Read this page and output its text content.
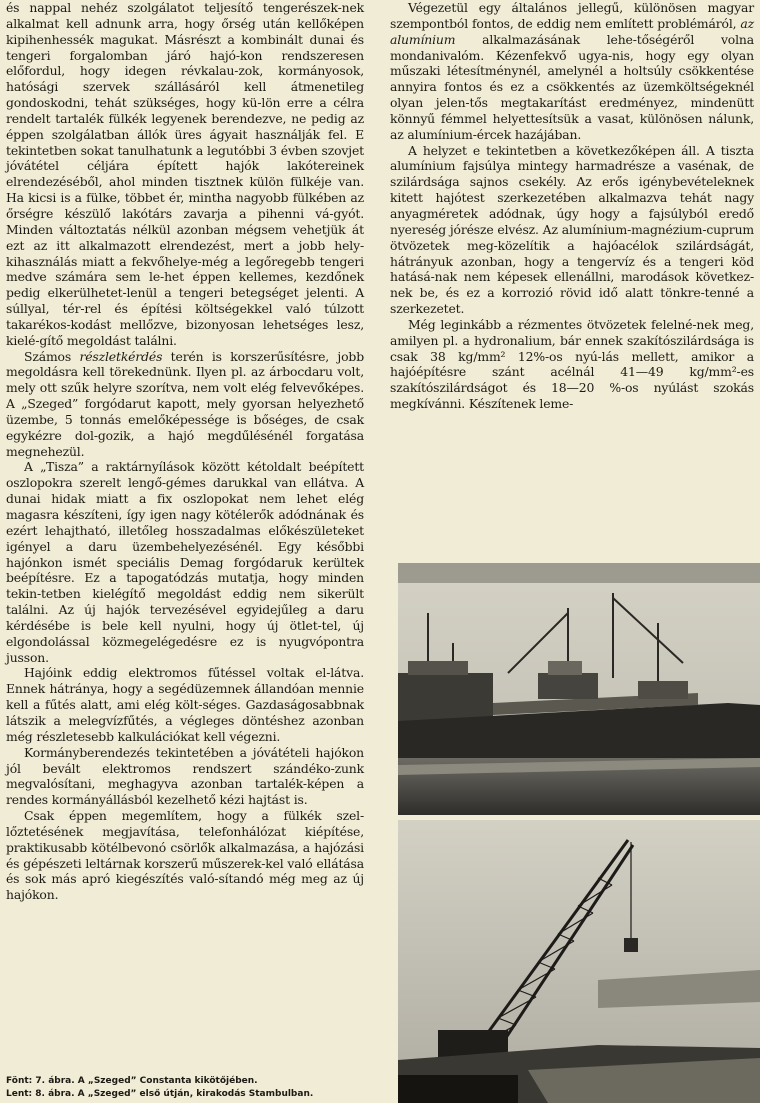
és nappal nehéz szolgálatot teljesítő tengerészek-nek alkalmat kell adnunk arra, hogy őrség után kellőképen kipihenhessék magukat. Másrészt a kombinált dunai és tengeri forgalomban járó hajó-kon rendszeresen előfordul, hogy idegen révkalau-zok, kormányosok, hatósági szervek szállásáról kell átmenetileg gondoskodni, tehát szükséges, hogy kü-lön erre a célra rendelt tartalék fülkék legyenek berendezve, ne pedig az éppen szolgálatban állók üres ágyait használják fel. E tekintetben sokat tanulhatunk a legutóbbi 3 évben szovjet jóvátétel céljára épített hajók lakótereinek elrendezéséből, ahol minden tisztnek külön fülkéje van. Ha kicsi is a fülke, többet ér, mintha nagyobb fülkében az őrségre készülő lakótárs zavarja a pihenni vá-gyót. Minden változtatás nélkül azonban mégsem vehetjük át ezt az itt alkalmazott elrendezést, mert a jobb hely-kihasználás miatt a fekvőhelye-még a legőregebb tengeri medve számára sem le-het éppen kellemes, kezdőnek pedig elkerülhetet-lenül a tengeri betegséget jelenti. A súllyal, tér-rel és építési költségekkel való túlzott takarékos-kodást mellőzve, bizonyosan lehetséges lesz, kielé-gítő megoldást találni.

Számos részletkérdés terén is korszerűsítésre, jobb megoldásra kell törekednünk. Ilyen pl. az árbocdaru volt, mely ott szűk helyre szorítva, nem volt elég felvevőképes. A „Szeged” forgódarut kapott, mely gyorsan helyezhető üzembe, 5 tonnás emelőképessége is bőséges, de csak egykézre dol-gozik, a hajó megdűlésénél forgatása megnehezül.

A „Tisza” a raktárnyílások között kétoldalt beépített oszlopokra szerelt lengő-gémes darukkal van ellátva. A dunai hidak miatt a fix oszlopokat nem lehet elég magasra készíteni, így igen nagy kötélerők adódnának és ezért lehajtható, illetőleg hosszadalmas előkészületeket igényel a daru üzembehelyezésénél. Egy későbbi hajónkon ismét speciális Demag forgódaruk kerültek beépítésre. Ez a tapogatódzás mutatja, hogy minden tekin-tetben kielégítő megoldást eddig nem sikerült találni. Az új hajók tervezésével egyidejűleg a daru kérdésébe is bele kell nyulni, hogy új ötlet-tel, új elgondolással közmegelégedésre ez is nyugvópontra jusson.

Hajóink eddig elektromos fűtéssel voltak el-látva. Ennek hátránya, hogy a segédüzemnek állandóan mennie kell a fűtés alatt, ami elég költ-séges. Gazdaságosabbnak látszik a melegvízfűtés, a végleges döntéshez azonban még részletesebb kalkulációkat kell végezni.

Kormányberendezés tekintetében a jóvátételi hajókon jól bevált elektromos rendszert szándéko-zunk megvalósítani, meghagyva azonban tartalék-képen a rendes kormányállásból kezelhető kézi hajtást is.

Csak éppen megemlítem, hogy a fülkék szel-lőztetésének megjavítása, telefonhálózat kiépítése, praktikusabb kötélbevonó csörlők alkalmazása, a hajózási és gépészeti leltárnak korszerű műszerek-kel való ellátása és sok más apró kiegészítés való-sítandó még meg az új hajókon.

Végezetül egy általános jellegű, különösen magyar szempontból fontos, de eddig nem említett problémáról, az alumínium alkalmazásának lehe-tőségéről volna mondanivalóm. Kézenfekvő ugya-nis, hogy egy olyan műszaki létesítménynél, amelynél a holtsúly csökkentése annyira fontos és ez a csökkentés az üzemköltségeknél olyan jelen-tős megtakarítást eredményez, mindenütt könnyű fémmel helyettesítsük a vasat, különösen nálunk, az alumínium-ércek hazájában.

A helyzet e tekintetben a következőképen áll. A tiszta alumínium fajsúlya mintegy harmadrésze a vasénak, de szilárdsága sajnos csekély. Az erős igénybevételeknek kitett hajótest szerkezetében alkalmazva tehát nagy anyagméretek adódnak, úgy hogy a fajsúlyból eredő nyereség jórésze elvész. Az alumínium-magnézium-cuprum ötvözetek meg-közelítik a hajóacélok szilárdságát, hátrányuk azonban, hogy a tengervíz és a tengeri köd hatásá-nak nem képesek ellenállni, marodások következ-nek be, és ez a korrozió rövid idő alatt tönkre-tenné a szerkezetet.

Még leginkább a rézmentes ötvözetek felelné-nek meg, amilyen pl. a hydronalium, bár ennek szakítószilárdsága is csak 38 kg/mm² 12%-os nyú-lás mellett, amikor a hajóépítésre szánt acélnál 41—49 kg/mm²-es szakítószilárdságot és 18—20 %-os nyúlást szokás megkívánni. Készítenek leme-

Fönt: 7. ábra. A „Szeged” Constanta kikötőjében.
Lent: 8. ábra. A „Szeged” első útján, kirakodás Stambulban.
